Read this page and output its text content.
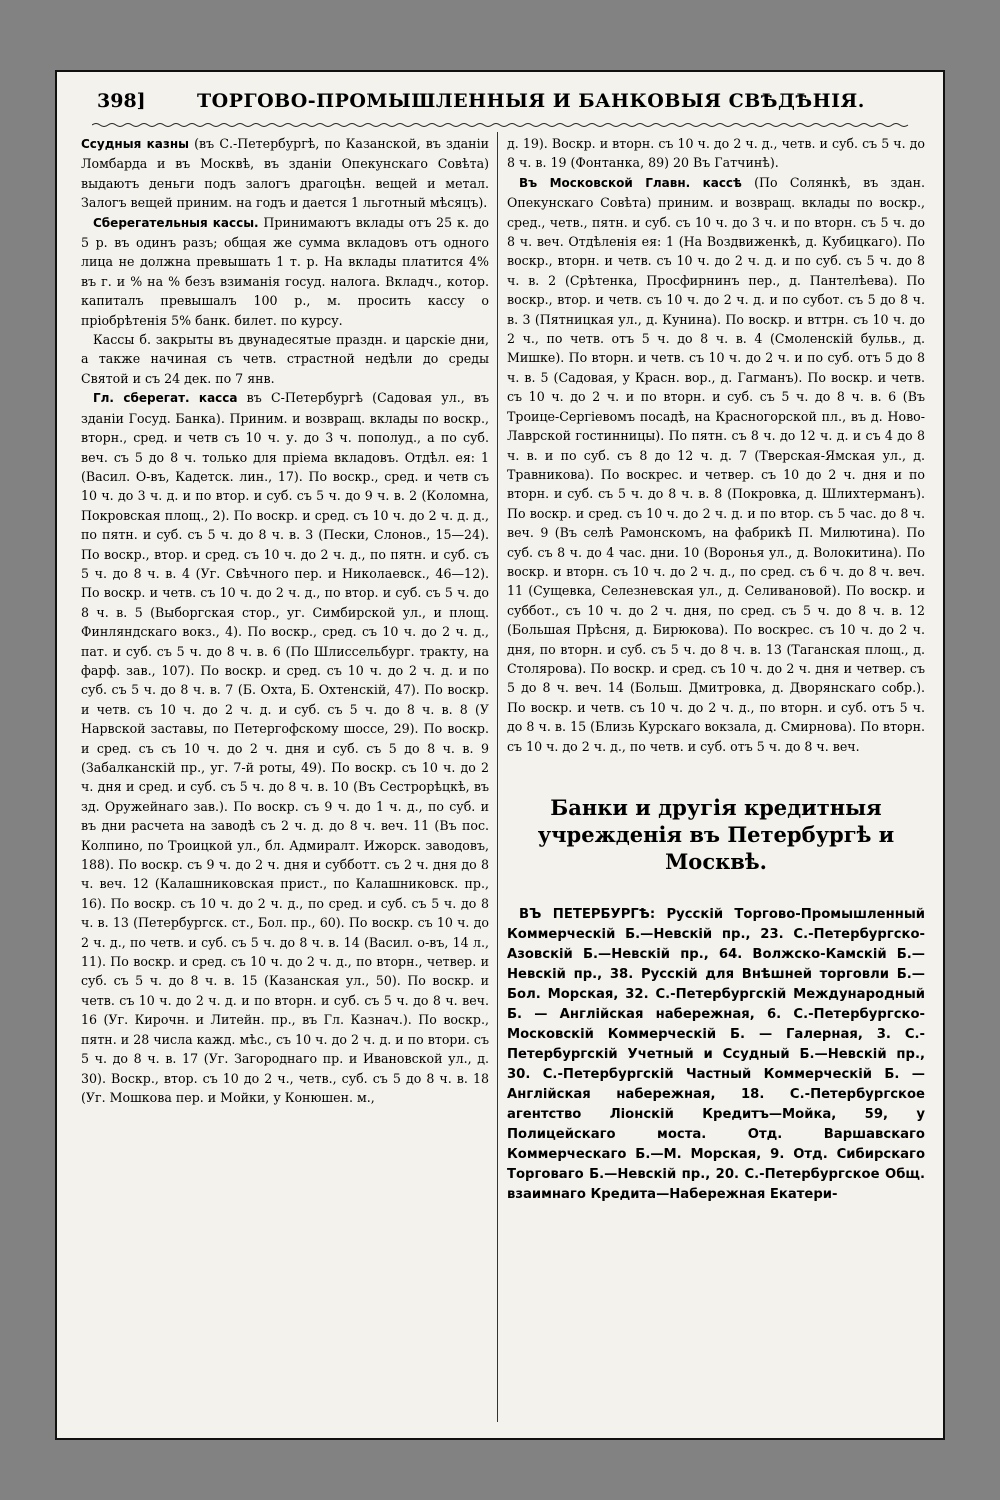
398]	ТОРГОВО-ПРОМЫШЛЕННЫЯ И БАНКОВЫЯ СВѢДѢНІЯ.

Ссудныя казны (въ С.-Петербургѣ, по Казанской, въ зданіи Ломбарда и въ Москвѣ, въ зданіи Опекунскаго Совѣта) выдаютъ деньги подъ залогъ драгоцѣн. вещей и метал. Залогъ вещей приним. на годъ и дается 1 льготный мѣсяцъ).

Сберегательныя кассы. Принимаютъ вклады отъ 25 к. до 5 р. въ одинъ разъ; общая же сумма вкладовъ отъ одного лица не должна превышать 1 т. р. На вклады платится 4% въ г. и % на % безъ взиманія госуд. налога. Вкладч., котор. капиталъ превышалъ 100 р., м. просить кассу о пріобрѣтенія 5% банк. билет. по курсу.

Кассы б. закрыты въ двунадесятые праздн. и царскіе дни, а также начиная съ четв. страстной недѣли до среды Святой и съ 24 дек. по 7 янв.

Гл. сберегат. касса въ С-Петербургѣ (Садовая ул., въ зданіи Госуд. Банка). Приним. и возвращ. вклады по воскр., вторн., сред. и четв съ 10 ч. у. до 3 ч. пополуд., а по суб. веч. съ 5 до 8 ч. только для пріема вкладовъ. Отдѣл. ея: 1 (Васил. О-въ, Кадетск. лин., 17). По воскр., сред. и четв съ 10 ч. до 3 ч. д. и по втор. и суб. съ 5 ч. до 9 ч. в. 2 (Коломна, Покровская площ., 2). По воскр. и сред. съ 10 ч. до 2 ч. д. д., по пятн. и суб. съ 5 ч. до 8 ч. в. 3 (Пески, Слонов., 15—24). По воскр., втор. и сред. съ 10 ч. до 2 ч. д., по пятн. и суб. съ 5 ч. до 8 ч. в. 4 (Уг. Свѣчного пер. и Николаевск., 46—12). По воскр. и четв. съ 10 ч. до 2 ч. д., по втор. и суб. съ 5 ч. до 8 ч. в. 5 (Выборгская стор., уг. Симбирской ул., и площ. Финляндскаго вокз., 4). По воскр., сред. съ 10 ч. до 2 ч. д., пат. и суб. съ 5 ч. до 8 ч. в. 6 (По Шлиссельбург. тракту, на фарф. зав., 107). По воскр. и сред. съ 10 ч. до 2 ч. д. и по суб. съ 5 ч. до 8 ч. в. 7 (Б. Охта, Б. Охтенскій, 47). По воскр. и четв. съ 10 ч. до 2 ч. д. и суб. съ 5 ч. до 8 ч. в. 8 (У Нарвской заставы, по Петергофскому шоссе, 29). По воскр. и сред. съ съ 10 ч. до 2 ч. дня и суб. съ 5 до 8 ч. в. 9 (Забалканскій пр., уг. 7-й роты, 49). По воскр. съ 10 ч. до 2 ч. дня и сред. и суб. съ 5 ч. до 8 ч. в. 10 (Въ Сестрорѣцкѣ, въ зд. Оружейнаго зав.). По воскр. съ 9 ч. до 1 ч. д., по суб. и въ дни расчета на заводѣ съ 2 ч. д. до 8 ч. веч. 11 (Въ пос. Колпино, по Троицкой ул., бл. Адмиралт. Ижорск. заводовъ, 188). По воскр. съ 9 ч. до 2 ч. дня и субботт. съ 2 ч. дня до 8 ч. веч. 12 (Калашниковская прист., по Калашниковск. пр., 16). По воскр. съ 10 ч. до 2 ч. д., по сред. и суб. съ 5 ч. до 8 ч. в. 13 (Петербургск. ст., Бол. пр., 60). По воскр. съ 10 ч. до 2 ч. д., по четв. и суб. съ 5 ч. до 8 ч. в. 14 (Васил. о-въ, 14 л., 11). По воскр. и сред. съ 10 ч. до 2 ч. д., по вторн., четвер. и суб. съ 5 ч. до 8 ч. в. 15 (Казанская ул., 50). По воскр. и четв. съ 10 ч. до 2 ч. д. и по вторн. и суб. съ 5 ч. до 8 ч. веч. 16 (Уг. Кирочн. и Литейн. пр., въ Гл. Казнач.). По воскр., пятн. и 28 числа кажд. мѣс., съ 10 ч. до 2 ч. д. и по втори. съ 5 ч. до 8 ч. в. 17 (Уг. Загороднаго пр. и Ивановской ул., д. 30). Воскр., втор. съ 10 до 2 ч., четв., суб. съ 5 до 8 ч. в. 18 (Уг. Мошкова пер. и Мойки, у Конюшен. м.,

д. 19). Воскр. и вторн. съ 10 ч. до 2 ч. д., четв. и суб. съ 5 ч. до 8 ч. в. 19 (Фонтанка, 89) 20 Въ Гатчинѣ).

Въ Московской Главн. кассѣ (По Солянкѣ, въ здан. Опекунскаго Совѣта) приним. и возвращ. вклады по воскр., сред., четв., пятн. и суб. съ 10 ч. до 3 ч. и по вторн. съ 5 ч. до 8 ч. веч. Отдѣленія ея: 1 (На Воздвиженкѣ, д. Кубицкаго). По воскр., вторн. и четв. съ 10 ч. до 2 ч. д. и по суб. съ 5 ч. до 8 ч. в. 2 (Срѣтенка, Просфирнинъ пер., д. Пантелѣева). По воскр., втор. и четв. съ 10 ч. до 2 ч. д. и по субот. съ 5 до 8 ч. в. 3 (Пятницкая ул., д. Кунина). По воскр. и вттрн. съ 10 ч. до 2 ч., по четв. отъ 5 ч. до 8 ч. в. 4 (Смоленскій бульв., д. Мишке). По вторн. и четв. съ 10 ч. до 2 ч. и по суб. отъ 5 до 8 ч. в. 5 (Садовая, у Красн. вор., д. Гагманъ). По воскр. и четв. съ 10 ч. до 2 ч. и по вторн. и суб. съ 5 ч. до 8 ч. в. 6 (Въ Троице-Сергіевомъ посадѣ, на Красногорской пл., въ д. Ново-Лаврской гостинницы). По пятн. съ 8 ч. до 12 ч. д. и съ 4 до 8 ч. в. и по суб. съ 8 до 12 ч. д. 7 (Тверская-Ямская ул., д. Травникова). По воскрес. и четвер. съ 10 до 2 ч. дня и по вторн. и суб. съ 5 ч. до 8 ч. в. 8 (Покровка, д. Шлихтерманъ). По воскр. и сред. съ 10 ч. до 2 ч. д. и по втор. съ 5 час. до 8 ч. веч. 9 (Въ селѣ Рамонскомъ, на фабрикѣ П. Милютина). По суб. съ 8 ч. до 4 час. дни. 10 (Воронья ул., д. Волокитина). По воскр. и вторн. съ 10 ч. до 2 ч. д., по сред. съ 6 ч. до 8 ч. веч. 11 (Сущевка, Селезневская ул., д. Селивановой). По воскр. и суббот., съ 10 ч. до 2 ч. дня, по сред. съ 5 ч. до 8 ч. в. 12 (Большая Прѣсня, д. Бирюкова). По воскрес. съ 10 ч. до 2 ч. дня, по вторн. и суб. съ 5 ч. до 8 ч. в. 13 (Таганская площ., д. Столярова). По воскр. и сред. съ 10 ч. до 2 ч. дня и четвер. съ 5 до 8 ч. веч. 14 (Больш. Дмитровка, д. Дворянскаго собр.). По воскр. и четв. съ 10 ч. до 2 ч. д., по вторн. и суб. отъ 5 ч. до 8 ч. в. 15 (Близь Курскаго вокзала, д. Смирнова). По вторн. съ 10 ч. до 2 ч. д., по четв. и суб. отъ 5 ч. до 8 ч. веч.

Банки и другія кредитныя учрежденія въ Петербургѣ и Москвѣ.

ВЪ ПЕТЕРБУРГѢ: Русскій Торгово-Промышленный Коммерческій Б.—Невскій пр., 23. С.-Петербургско-Азовскій Б.—Невскій пр., 64. Волжско-Камскій Б.—Невскій пр., 38. Русскій для Внѣшней торговли Б.—Бол. Морская, 32. С.-Петербургскій Международный Б. — Англійская набережная, 6. С.-Петербургско-Московскій Коммерческій Б. — Галерная, 3. С.-Петербургскій Учетный и Ссудный Б.—Невскій пр., 30. С.-Петербургскій Частный Коммерческій Б. — Англійская набережная, 18. С.-Петербургское агентство Ліонскій Кредитъ—Мойка, 59, у Полицейскаго моста. Отд. Варшавскаго Коммерческаго Б.—М. Морская, 9. Отд. Сибирскаго Торговаго Б.—Невскій пр., 20. С.-Петербургское Общ. взаимнаго Кредита—Набережная Екатери-
